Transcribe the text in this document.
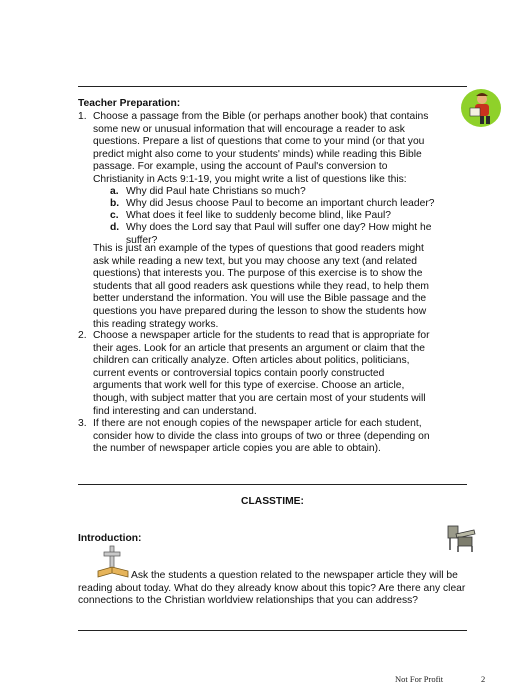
Teacher Preparation:
1. Choose a passage from the Bible (or perhaps another book) that contains
some new or unusual information that will encourage a reader to ask
questions. Prepare a list of questions that come to your mind (or that you
predict might also come to your students' minds) while reading this Bible
passage. For example, using the account of Paul's conversion to
Christianity in Acts 9:1-19, you might write a list of questions like this:
a. Why did Paul hate Christians so much?
b. Why did Jesus choose Paul to become an important church leader?
c. What does it feel like to suddenly become blind, like Paul?
d. Why does the Lord say that Paul will suffer one day? How might he
suffer?
This is just an example of the types of questions that good readers might
ask while reading a new text, but you may choose any text (and related
questions) that interests you. The purpose of this exercise is to show the
students that all good readers ask questions while they read, to help them
better understand the information. You will use the Bible passage and the
questions you have prepared during the lesson to show the students how
this reading strategy works.
2. Choose a newspaper article for the students to read that is appropriate for
their ages. Look for an article that presents an argument or claim that the
children can critically analyze. Often articles about politics, politicians,
current events or controversial topics contain poorly constructed
arguments that work well for this type of exercise. Choose an article,
though, with subject matter that you are certain most of your students will
find interesting and can understand.
3. If there are not enough copies of the newspaper article for each student,
consider how to divide the class into groups of two or three (depending on
the number of newspaper article copies you are able to obtain).
CLASSTIME:
Introduction:
Ask the students a question related to the newspaper article they will be
reading about today. What do they already know about this topic? Are there any clear
connections to the Christian worldview relationships that you can address?
Not For Profit	2
